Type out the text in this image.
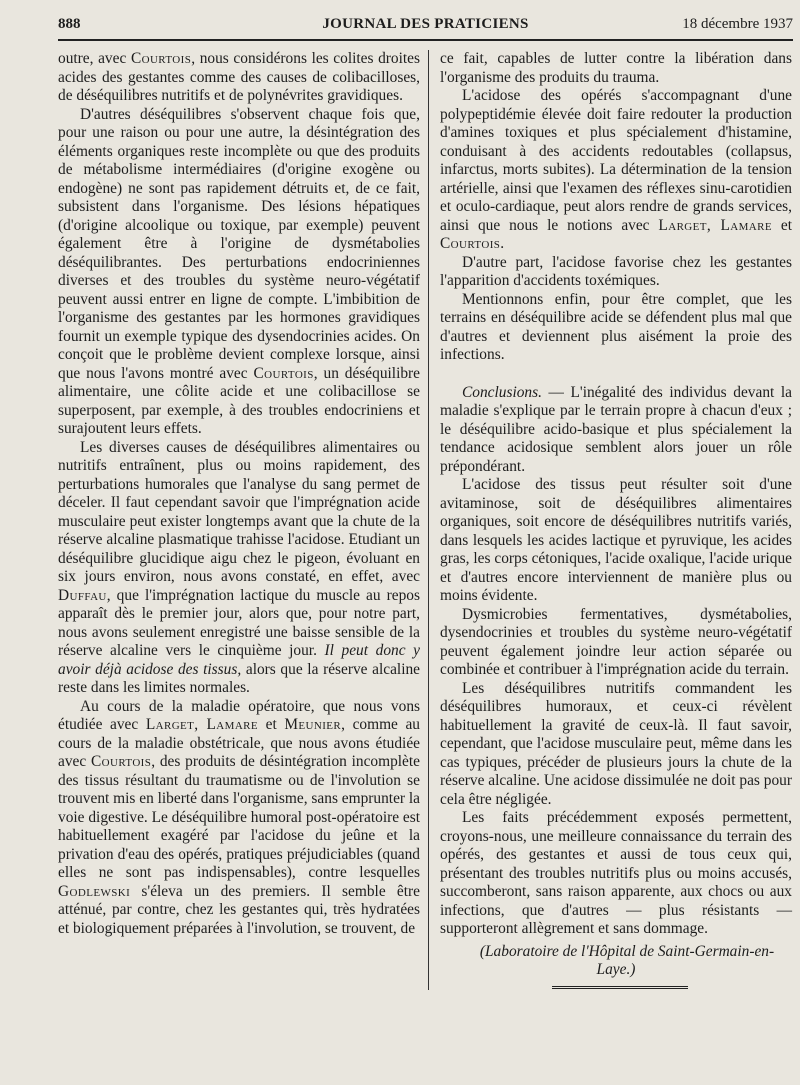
888	JOURNAL DES PRATICIENS	18 décembre 1937

outre, avec Courtois, nous considérons les colites droites acides des gestantes comme des causes de colibacilloses, de déséquilibres nutritifs et de polynévrites gravidiques.

D'autres déséquilibres s'observent chaque fois que, pour une raison ou pour une autre, la désintégration des éléments organiques reste incomplète ou que des produits de métabolisme intermédiaires (d'origine exogène ou endogène) ne sont pas rapidement détruits et, de ce fait, subsistent dans l'organisme. Des lésions hépatiques (d'origine alcoolique ou toxique, par exemple) peuvent également être à l'origine de dysmétabolies déséquilibrantes. Des perturbations endocriniennes diverses et des troubles du système neuro-végétatif peuvent aussi entrer en ligne de compte. L'imbibition de l'organisme des gestantes par les hormones gravidiques fournit un exemple typique des dysendocrinies acides. On conçoit que le problème devient complexe lorsque, ainsi que nous l'avons montré avec Courtois, un déséquilibre alimentaire, une côlite acide et une colibacillose se superposent, par exemple, à des troubles endocriniens et surajoutent leurs effets.

Les diverses causes de déséquilibres alimentaires ou nutritifs entraînent, plus ou moins rapidement, des perturbations humorales que l'analyse du sang permet de déceler. Il faut cependant savoir que l'imprégnation acide musculaire peut exister longtemps avant que la chute de la réserve alcaline plasmatique trahisse l'acidose. Etudiant un déséquilibre glucidique aigu chez le pigeon, évoluant en six jours environ, nous avons constaté, en effet, avec Duffau, que l'imprégnation lactique du muscle au repos apparaît dès le premier jour, alors que, pour notre part, nous avons seulement enregistré une baisse sensible de la réserve alcaline vers le cinquième jour. Il peut donc y avoir déjà acidose des tissus, alors que la réserve alcaline reste dans les limites normales.

Au cours de la maladie opératoire, que nous vons étudiée avec Larget, Lamare et Meunier, comme au cours de la maladie obstétricale, que nous avons étudiée avec Courtois, des produits de désintégration incomplète des tissus résultant du traumatisme ou de l'involution se trouvent mis en liberté dans l'organisme, sans emprunter la voie digestive. Le déséquilibre humoral post-opératoire est habituellement exagéré par l'acidose du jeûne et la privation d'eau des opérés, pratiques préjudiciables (quand elles ne sont pas indispensables), contre lesquelles Godlewski s'éleva un des premiers. Il semble être atténué, par contre, chez les gestantes qui, très hydratées et biologiquement préparées à l'involution, se trouvent, de

ce fait, capables de lutter contre la libération dans l'organisme des produits du trauma.

L'acidose des opérés s'accompagnant d'une polypeptidémie élevée doit faire redouter la production d'amines toxiques et plus spécialement d'histamine, conduisant à des accidents redoutables (collapsus, infarctus, morts subites). La détermination de la tension artérielle, ainsi que l'examen des réflexes sinu-carotidien et oculo-cardiaque, peut alors rendre de grands services, ainsi que nous le notions avec Larget, Lamare et Courtois.

D'autre part, l'acidose favorise chez les gestantes l'apparition d'accidents toxémiques.

Mentionnons enfin, pour être complet, que les terrains en déséquilibre acide se défendent plus mal que d'autres et deviennent plus aisément la proie des infections.

Conclusions. — L'inégalité des individus devant la maladie s'explique par le terrain propre à chacun d'eux ; le déséquilibre acido-basique et plus spécialement la tendance acidosique semblent alors jouer un rôle prépondérant.

L'acidose des tissus peut résulter soit d'une avitaminose, soit de déséquilibres alimentaires organiques, soit encore de déséquilibres nutritifs variés, dans lesquels les acides lactique et pyruvique, les acides gras, les corps cétoniques, l'acide oxalique, l'acide urique et d'autres encore interviennent de manière plus ou moins évidente.

Dysmicrobies fermentatives, dysmétabolies, dysendocrinies et troubles du système neuro-végétatif peuvent également joindre leur action séparée ou combinée et contribuer à l'imprégnation acide du terrain.

Les déséquilibres nutritifs commandent les déséquilibres humoraux, et ceux-ci révèlent habituellement la gravité de ceux-là. Il faut savoir, cependant, que l'acidose musculaire peut, même dans les cas typiques, précéder de plusieurs jours la chute de la réserve alcaline. Une acidose dissimulée ne doit pas pour cela être négligée.

Les faits précédemment exposés permettent, croyons-nous, une meilleure connaissance du terrain des opérés, des gestantes et aussi de tous ceux qui, présentant des troubles nutritifs plus ou moins accusés, succomberont, sans raison apparente, aux chocs ou aux infections, que d'autres — plus résistants — supporteront allègrement et sans dommage.

(Laboratoire de l'Hôpital de Saint-Germain-en-Laye.)
